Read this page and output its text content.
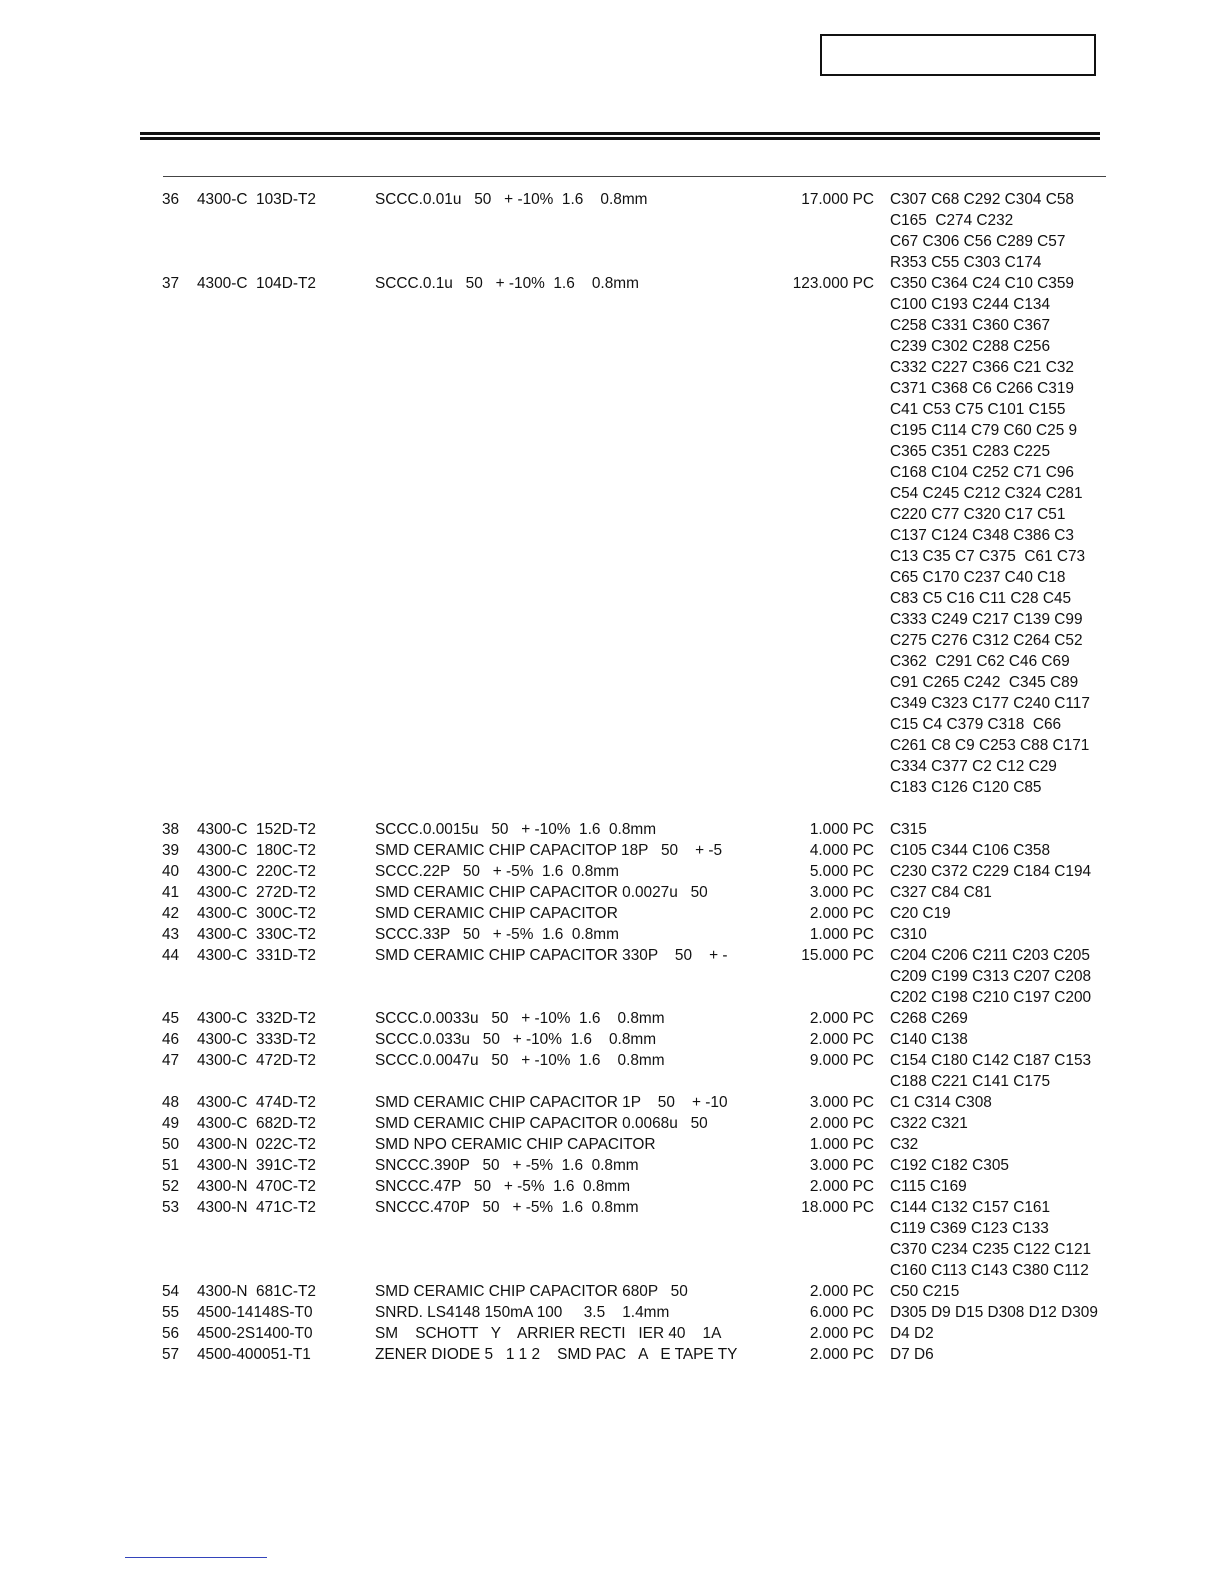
36 4300-C  103D-T2	SCCC.0.01u   50   + -10%  1.6    0.8mm	17.000 PC C307 C68 C292 C304 C58
C165  C274 C232
C67 C306 C56 C289 C57
R353 C55 C303 C174
37 4300-C  104D-T2	SCCC.0.1u   50   + -10%  1.6    0.8mm	123.000 PC C350 C364 C24 C10 C359
C100 C193 C244 C134
C258 C331 C360 C367
C239 C302 C288 C256
C332 C227 C366 C21 C32
C371 C368 C6 C266 C319
C41 C53 C75 C101 C155
C195 C114 C79 C60 C25 9
C365 C351 C283 C225
C168 C104 C252 C71 C96
C54 C245 C212 C324 C281
C220 C77 C320 C17 C51
C137 C124 C348 C386 C3
C13 C35 C7 C375  C61 C73
C65 C170 C237 C40 C18
C83 C5 C16 C11 C28 C45
C333 C249 C217 C139 C99
C275 C276 C312 C264 C52
C362  C291 C62 C46 C69
C91 C265 C242  C345 C89
C349 C323 C177 C240 C117
C15 C4 C379 C318  C66
C261 C8 C9 C253 C88 C171
C334 C377 C2 C12 C29
C183 C126 C120 C85
38 4300-C  152D-T2	SCCC.0.0015u   50   + -10%  1.6  0.8mm	1.000 PC C315
39 4300-C  180C-T2	SMD CERAMIC CHIP CAPACITOP 18P   50    + -5	4.000 PC C105 C344 C106 C358
40 4300-C  220C-T2	SCCC.22P   50   + -5%  1.6  0.8mm	5.000 PC C230 C372 C229 C184 C194
41 4300-C  272D-T2	SMD CERAMIC CHIP CAPACITOR 0.0027u   50	3.000 PC C327 C84 C81
42 4300-C  300C-T2	SMD CERAMIC CHIP CAPACITOR	2.000 PC C20 C19
43 4300-C  330C-T2	SCCC.33P   50   + -5%  1.6  0.8mm	1.000 PC C310
44 4300-C  331D-T2	SMD CERAMIC CHIP CAPACITOR 330P    50    + -	15.000 PC C204 C206 C211 C203 C205
C209 C199 C313 C207 C208
C202 C198 C210 C197 C200
45 4300-C  332D-T2	SCCC.0.0033u   50   + -10%  1.6    0.8mm	2.000 PC C268 C269
46 4300-C  333D-T2	SCCC.0.033u   50   + -10%  1.6    0.8mm	2.000 PC C140 C138
47 4300-C  472D-T2	SCCC.0.0047u   50   + -10%  1.6    0.8mm	9.000 PC C154 C180 C142 C187 C153
C188 C221 C141 C175
48 4300-C  474D-T2	SMD CERAMIC CHIP CAPACITOR 1P    50    + -10	3.000 PC C1 C314 C308
49 4300-C  682D-T2	SMD CERAMIC CHIP CAPACITOR 0.0068u   50	2.000 PC C322 C321
50 4300-N  022C-T2	SMD NPO CERAMIC CHIP CAPACITOR	1.000 PC C32
51 4300-N  391C-T2	SNCCC.390P   50   + -5%  1.6  0.8mm	3.000 PC C192 C182 C305
52 4300-N  470C-T2	SNCCC.47P   50   + -5%  1.6  0.8mm	2.000 PC C115 C169
53 4300-N  471C-T2	SNCCC.470P   50   + -5%  1.6  0.8mm	18.000 PC C144 C132 C157 C161
C119 C369 C123 C133
C370 C234 C235 C122 C121
C160 C113 C143 C380 C112
54 4300-N  681C-T2	SMD CERAMIC CHIP CAPACITOR 680P   50	2.000 PC C50 C215
55 4500-14148S-T0	SNRD. LS4148 150mA 100     3.5    1.4mm	6.000 PC D305 D9 D15 D308 D12 D309
56 4500-2S1400-T0	SM    SCHOTT   Y    ARRIER RECTI   IER 40    1A	2.000 PC D4 D2
57 4500-400051-T1	ZENER DIODE 5   1 1 2    SMD PAC   A   E TAPE TY	2.000 PC D7 D6
